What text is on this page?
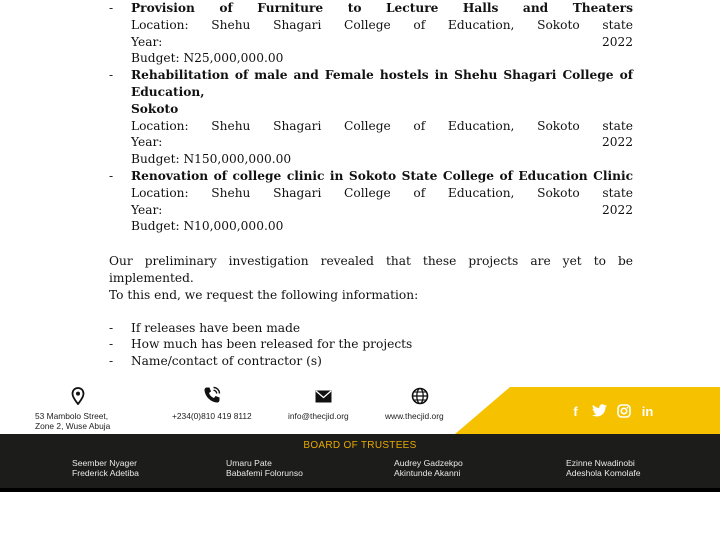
- Provision of Furniture to Lecture Halls and Theaters
Location: Shehu Shagari College of Education, Sokoto state
Year:	2022
Budget: N25,000,000.00
- Rehabilitation of male and Female hostels in Shehu Shagari College of Education,
Sokoto
Location: Shehu Shagari College of Education, Sokoto state
Year:	2022
Budget: N150,000,000.00
- Renovation of college clinic in Sokoto State College of Education Clinic
Location: Shehu Shagari College of Education, Sokoto state
Year:	2022
Budget: N10,000,000.00
Our preliminary investigation revealed that these projects are yet to be implemented.
To this end, we request the following information:
- If releases have been made
- How much has been released for the projects
- Name/contact of contractor (s)
53 Mambolo Street,
Zone 2, Wuse Abuja
+234(0)810 419 8112	info@thecjid.org	www.thecjid.org	f	in
BOARD OF TRUSTEES
Seember Nyager
Frederick Adetiba
Umaru Pate
Babafemi Folorunso
Audrey Gadzekpo
Akintunde Akanni
Ezinne Nwadinobi
Adeshola Komolafe
